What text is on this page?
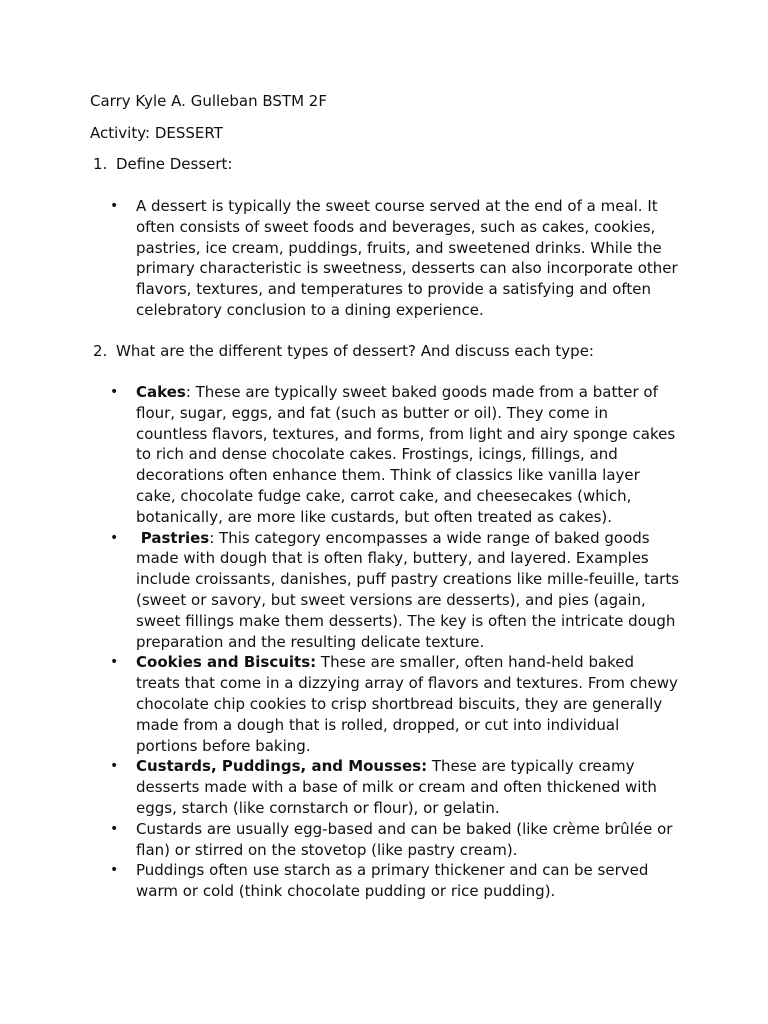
Carry Kyle A. Gulleban BSTM 2F

Activity: DESSERT

1. Define Dessert:

• A dessert is typically the sweet course served at the end of a meal. It often consists of sweet foods and beverages, such as cakes, cookies, pastries, ice cream, puddings, fruits, and sweetened drinks. While the primary characteristic is sweetness, desserts can also incorporate other flavors, textures, and temperatures to provide a satisfying and often celebratory conclusion to a dining experience.

2. What are the different types of dessert? And discuss each type:

• Cakes: These are typically sweet baked goods made from a batter of flour, sugar, eggs, and fat (such as butter or oil). They come in countless flavors, textures, and forms, from light and airy sponge cakes to rich and dense chocolate cakes. Frostings, icings, fillings, and decorations often enhance them. Think of classics like vanilla layer cake, chocolate fudge cake, carrot cake, and cheesecakes (which, botanically, are more like custards, but often treated as cakes).
• Pastries: This category encompasses a wide range of baked goods made with dough that is often flaky, buttery, and layered. Examples include croissants, danishes, puff pastry creations like mille-feuille, tarts (sweet or savory, but sweet versions are desserts), and pies (again, sweet fillings make them desserts). The key is often the intricate dough preparation and the resulting delicate texture.
• Cookies and Biscuits: These are smaller, often hand-held baked treats that come in a dizzying array of flavors and textures. From chewy chocolate chip cookies to crisp shortbread biscuits, they are generally made from a dough that is rolled, dropped, or cut into individual portions before baking.
• Custards, Puddings, and Mousses: These are typically creamy desserts made with a base of milk or cream and often thickened with eggs, starch (like cornstarch or flour), or gelatin.
• Custards are usually egg-based and can be baked (like crème brûlée or flan) or stirred on the stovetop (like pastry cream).
• Puddings often use starch as a primary thickener and can be served warm or cold (think chocolate pudding or rice pudding).
